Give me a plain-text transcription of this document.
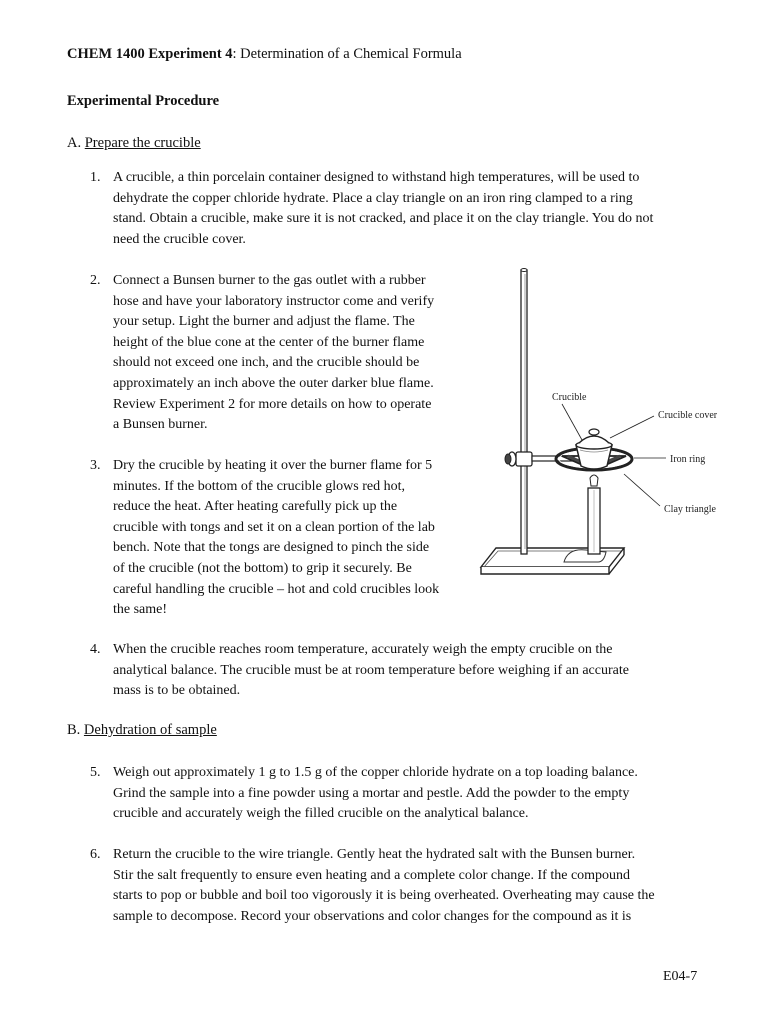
CHEM 1400 Experiment 4: Determination of a Chemical Formula
Experimental Procedure
A. Prepare the crucible
1. A crucible, a thin porcelain container designed to withstand high temperatures, will be used to
dehydrate the copper chloride hydrate. Place a clay triangle on an iron ring clamped to a ring
stand. Obtain a crucible, make sure it is not cracked, and place it on the clay triangle. You do not
need the crucible cover.
2. Connect a Bunsen burner to the gas outlet with a rubber
hose and have your laboratory instructor come and verify
your setup. Light the burner and adjust the flame. The
height of the blue cone at the center of the burner flame
should not exceed one inch, and the crucible should be
approximately an inch above the outer darker blue flame.
Review Experiment 2 for more details on how to operate
a Bunsen burner.
3. Dry the crucible by heating it over the burner flame for 5
minutes. If the bottom of the crucible glows red hot,
reduce the heat. After heating carefully pick up the
crucible with tongs and set it on a clean portion of the lab
bench. Note that the tongs are designed to pinch the side
of the crucible (not the bottom) to grip it securely. Be
careful handling the crucible – hot and cold crucibles look
the same!
4. When the crucible reaches room temperature, accurately weigh the empty crucible on the
analytical balance. The crucible must be at room temperature before weighing if an accurate
mass is to be obtained.
B. Dehydration of sample
5. Weigh out approximately 1 g to 1.5 g of the copper chloride hydrate on a top loading balance.
Grind the sample into a fine powder using a mortar and pestle. Add the powder to the empty
crucible and accurately weigh the filled crucible on the analytical balance.
6. Return the crucible to the wire triangle. Gently heat the hydrated salt with the Bunsen burner.
Stir the salt frequently to ensure even heating and a complete color change. If the compound
starts to pop or bubble and boil too vigorously it is being overheated. Overheating may cause the
sample to decompose. Record your observations and color changes for the compound as it is
Crucible
Crucible cover
Iron ring
Clay triangle
E04-7
